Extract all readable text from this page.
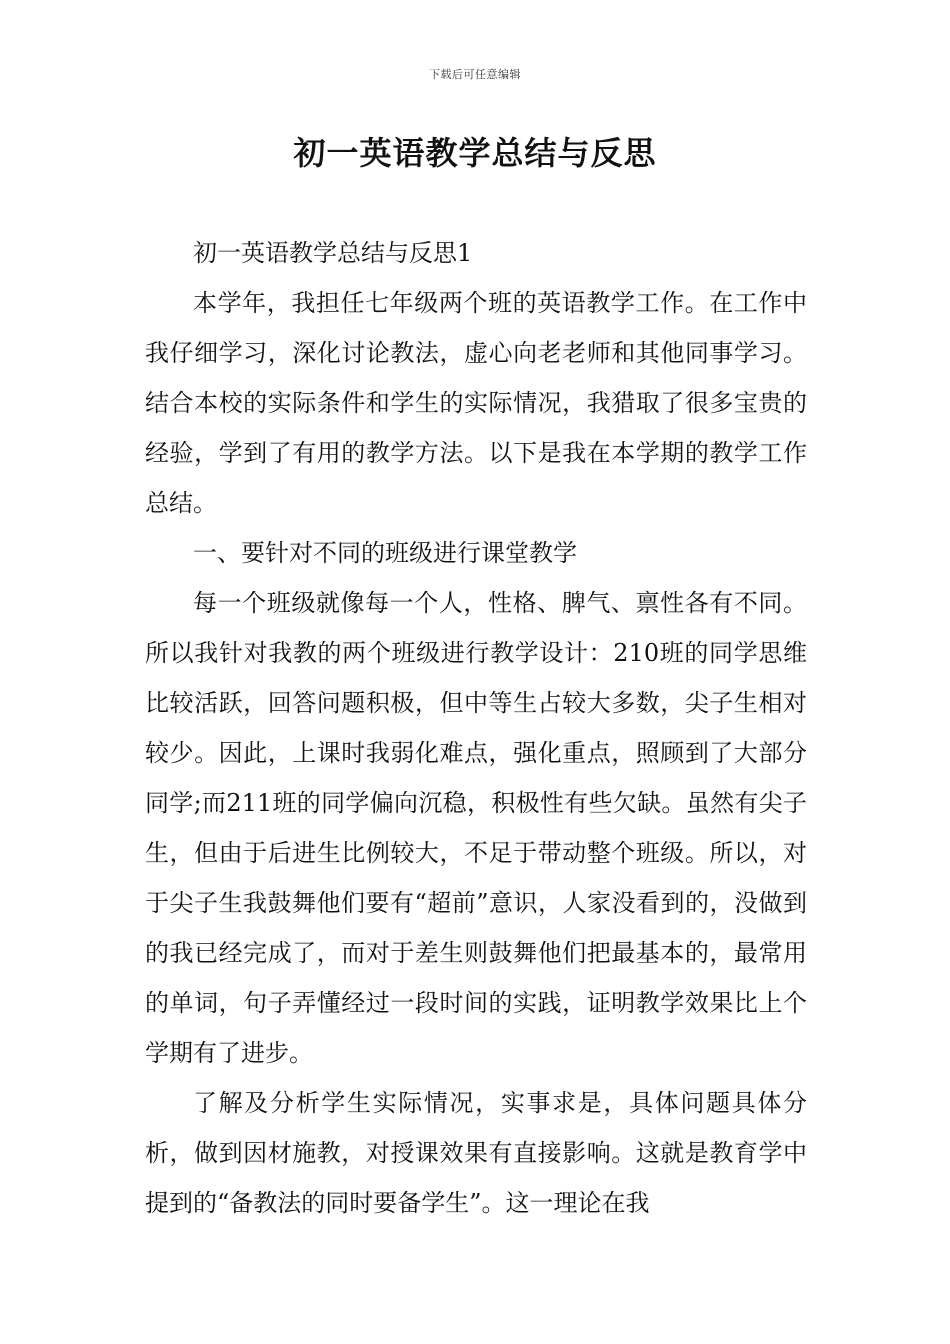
下载后可任意编辑
初一英语教学总结与反思

初一英语教学总结与反思1

本学年，我担任七年级两个班的英语教学工作。在工作中我仔细学习，深化讨论教法，虚心向老老师和其他同事学习。结合本校的实际条件和学生的实际情况，我猎取了很多宝贵的经验，学到了有用的教学方法。以下是我在本学期的教学工作总结。

一、要针对不同的班级进行课堂教学

每一个班级就像每一个人，性格、脾气、禀性各有不同。所以我针对我教的两个班级进行教学设计：210班的同学思维比较活跃，回答问题积极，但中等生占较大多数，尖子生相对较少。因此，上课时我弱化难点，强化重点，照顾到了大部分同学;而211班的同学偏向沉稳，积极性有些欠缺。虽然有尖子生，但由于后进生比例较大，不足于带动整个班级。所以，对于尖子生我鼓舞他们要有“超前”意识，人家没看到的，没做到的我已经完成了，而对于差生则鼓舞他们把最基本的，最常用的单词，句子弄懂经过一段时间的实践，证明教学效果比上个学期有了进步。

了解及分析学生实际情况，实事求是，具体问题具体分析，做到因材施教，对授课效果有直接影响。这就是教育学中提到的“备教法的同时要备学生”。这一理论在我
